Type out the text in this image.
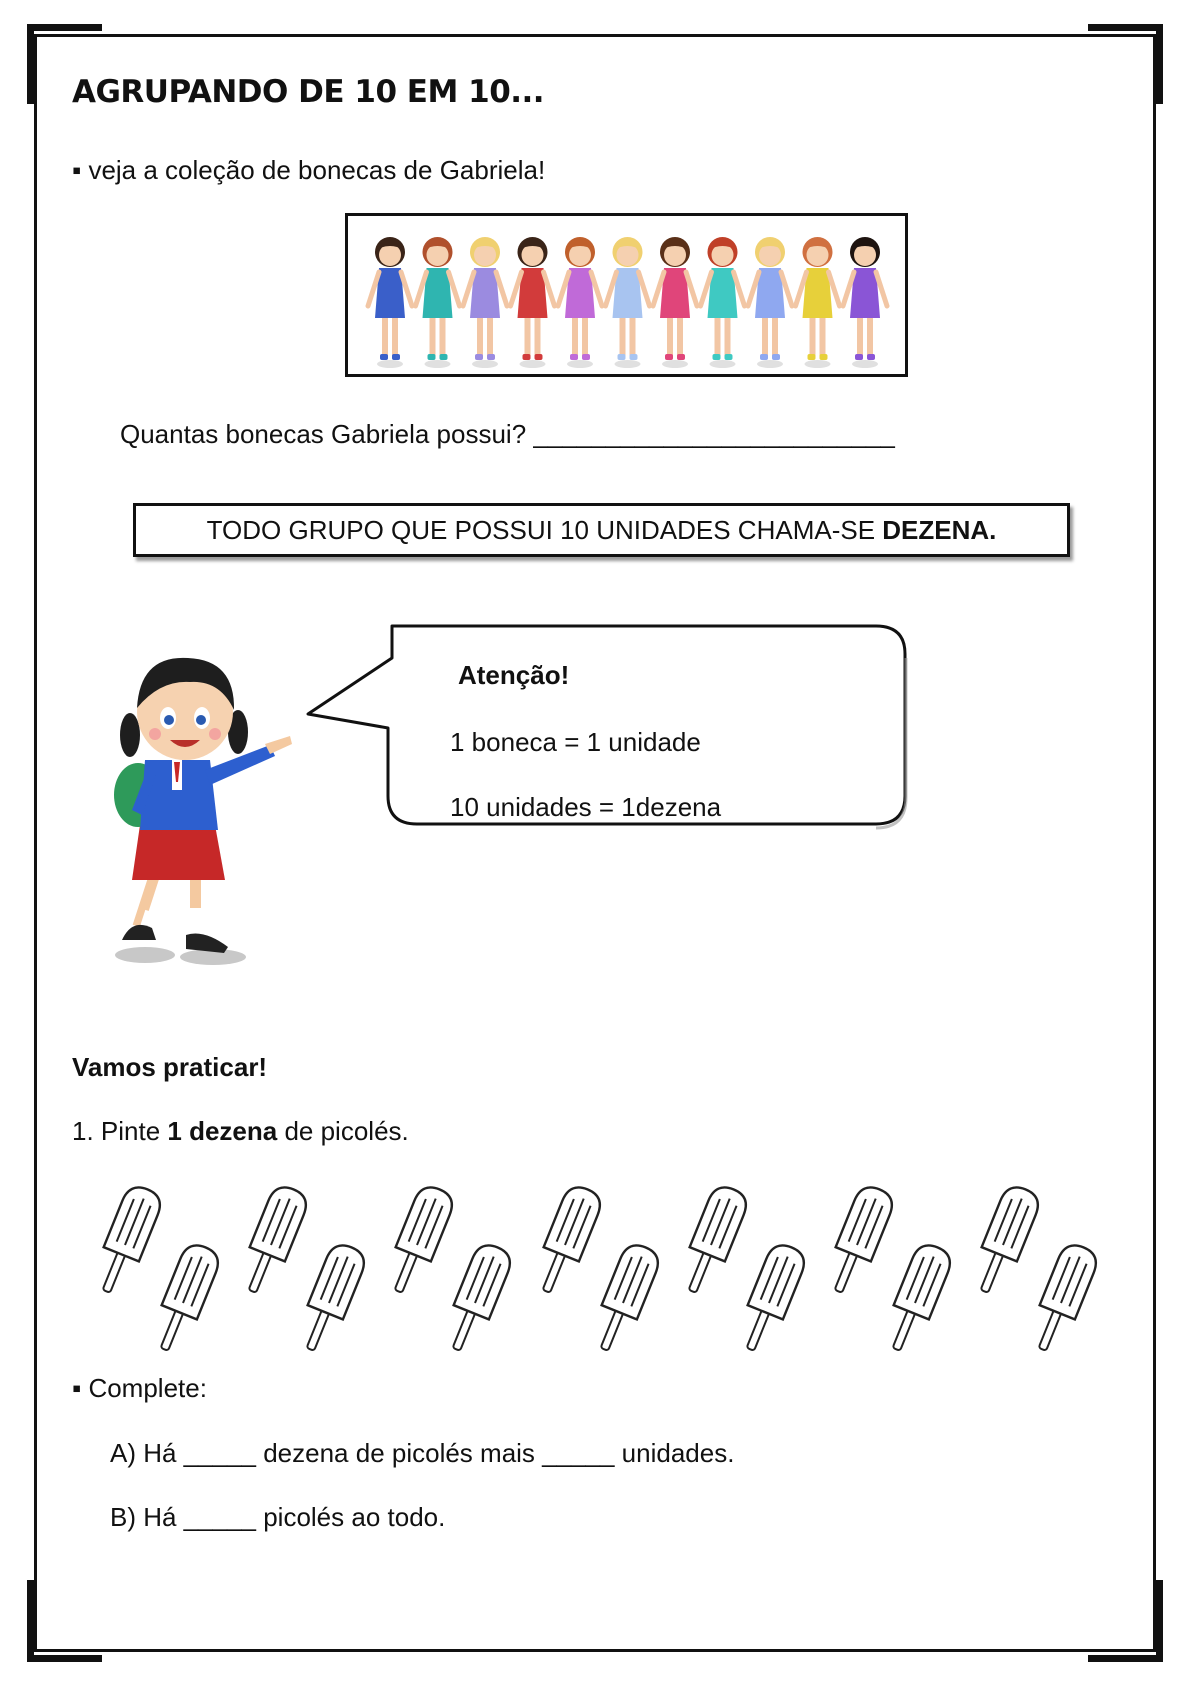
AGRUPANDO DE 10 EM 10...
▪ veja a coleção de bonecas de Gabriela!
Quantas bonecas Gabriela possui? _________________________
TODO GRUPO QUE POSSUI 10 UNIDADES CHAMA-SE DEZENA.
Atenção!
1 boneca = 1 unidade
10 unidades = 1dezena
Vamos praticar!
1. Pinte 1 dezena de picolés.
▪ Complete:
A) Há _____ dezena de picolés mais _____ unidades.
B) Há _____ picolés ao todo.
